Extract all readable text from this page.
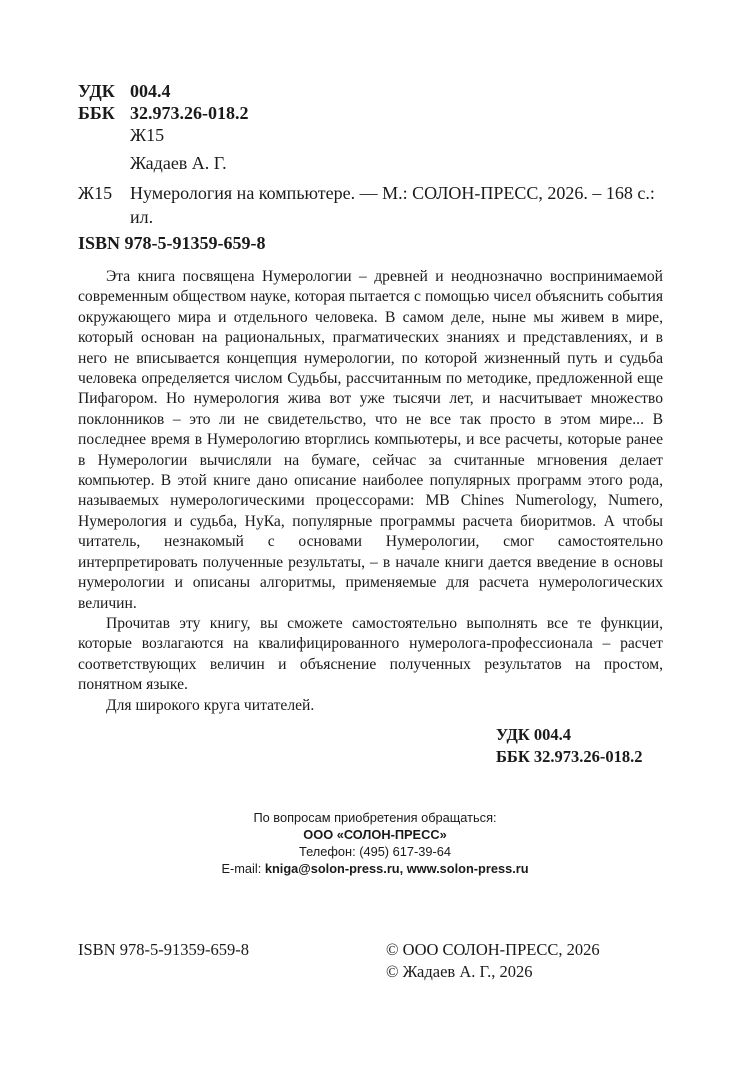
УДК 004.4
ББК 32.973.26-018.2
Ж15
Жадаев А. Г.
Ж15 Нумерология на компьютере. — М.: СОЛОН-ПРЕСС, 2026. – 168 с.: ил.
ISBN 978-5-91359-659-8

Эта книга посвящена Нумерологии – древней и неоднозначно воспринимаемой современным обществом науке, которая пытается с помощью чисел объяснить события окружающего мира и отдельного человека. В самом деле, ныне мы живем в мире, который основан на рациональных, прагматических знаниях и представлениях, и в него не вписывается концепция нумерологии, по которой жизненный путь и судьба человека определяется числом Судьбы, рассчитанным по методике, предложенной еще Пифагором. Но нумерология жива вот уже тысячи лет, и насчитывает множество поклонников – это ли не свидетельство, что не все так просто в этом мире... В последнее время в Нумерологию вторглись компьютеры, и все расчеты, которые ранее в Нумерологии вычисляли на бумаге, сейчас за считанные мгновения делает компьютер. В этой книге дано описание наиболее популярных программ этого рода, называемых нумерологическими процессорами: MB Chines Numerology, Numero, Нумерология и судьба, НуКа, популярные программы расчета биоритмов. А чтобы читатель, незнакомый с основами Нумерологии, смог самостоятельно интерпретировать полученные результаты, – в начале книги дается введение в основы нумерологии и описаны алгоритмы, применяемые для расчета нумерологических величин.

Прочитав эту книгу, вы сможете самостоятельно выполнять все те функции, которые возлагаются на квалифицированного нумеролога-профессионала – расчет соответствующих величин и объяснение полученных результатов на простом, понятном языке.

Для широкого круга читателей.

УДК 004.4
ББК 32.973.26-018.2
По вопросам приобретения обращаться:
ООО «СОЛОН-ПРЕСС»
Телефон: (495) 617-39-64
E-mail: kniga@solon-press.ru, www.solon-press.ru
ISBN 978-5-91359-659-8	© ООО СОЛОН-ПРЕСС, 2026
© Жадаев А. Г., 2026
